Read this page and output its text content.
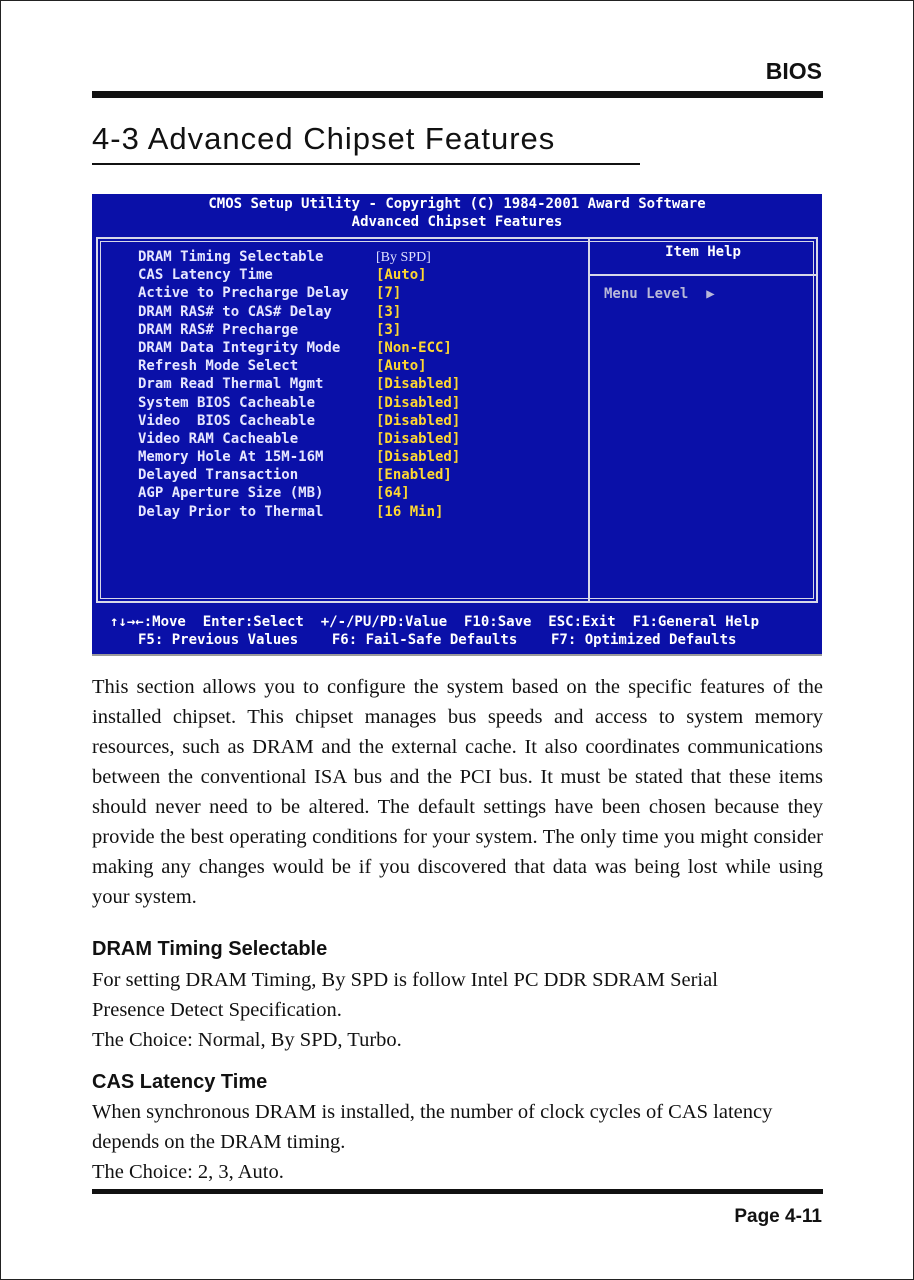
BIOS
4-3 Advanced Chipset Features
CMOS Setup Utility - Copyright (C) 1984-2001 Award Software
Advanced Chipset Features
DRAM Timing Selectable	[By SPD]
CAS Latency Time	[Auto]
Active to Precharge Delay [7]
DRAM RAS# to CAS# Delay	[3]
DRAM RAS# Precharge	[3]
DRAM Data Integrity Mode	[Non-ECC]
Refresh Mode Select	[Auto]
Dram Read Thermal Mgmt	[Disabled]
System BIOS Cacheable	[Disabled]
Video  BIOS Cacheable	[Disabled]
Video RAM Cacheable	[Disabled]
Memory Hole At 15M-16M	[Disabled]
Delayed Transaction	[Enabled]
AGP Aperture Size (MB)	[64]
Delay Prior to Thermal	[16 Min]
Item Help
Menu Level ▶
↑↓→←:Move  Enter:Select  +/-/PU/PD:Value  F10:Save  ESC:Exit  F1:General Help
F5: Previous Values    F6: Fail-Safe Defaults    F7: Optimized Defaults
This section allows you to configure the system based on the specific features of the installed chipset. This chipset manages bus speeds and access to system memory resources, such as DRAM and the external cache. It also coordinates communications between the conventional ISA bus and the PCI bus. It must be stated that these items should never need to be altered. The default settings have been chosen because they provide the best operating conditions for your system. The only time you might consider making any changes would be if you discovered that data was being lost while using your system.
DRAM Timing Selectable
For setting DRAM Timing, By SPD is follow Intel PC DDR SDRAM Serial
Presence Detect Specification.
The Choice: Normal, By SPD, Turbo.
CAS Latency Time
When synchronous DRAM is installed, the number of clock cycles of CAS latency
depends on the DRAM timing.
The Choice: 2, 3, Auto.
Page 4-11
